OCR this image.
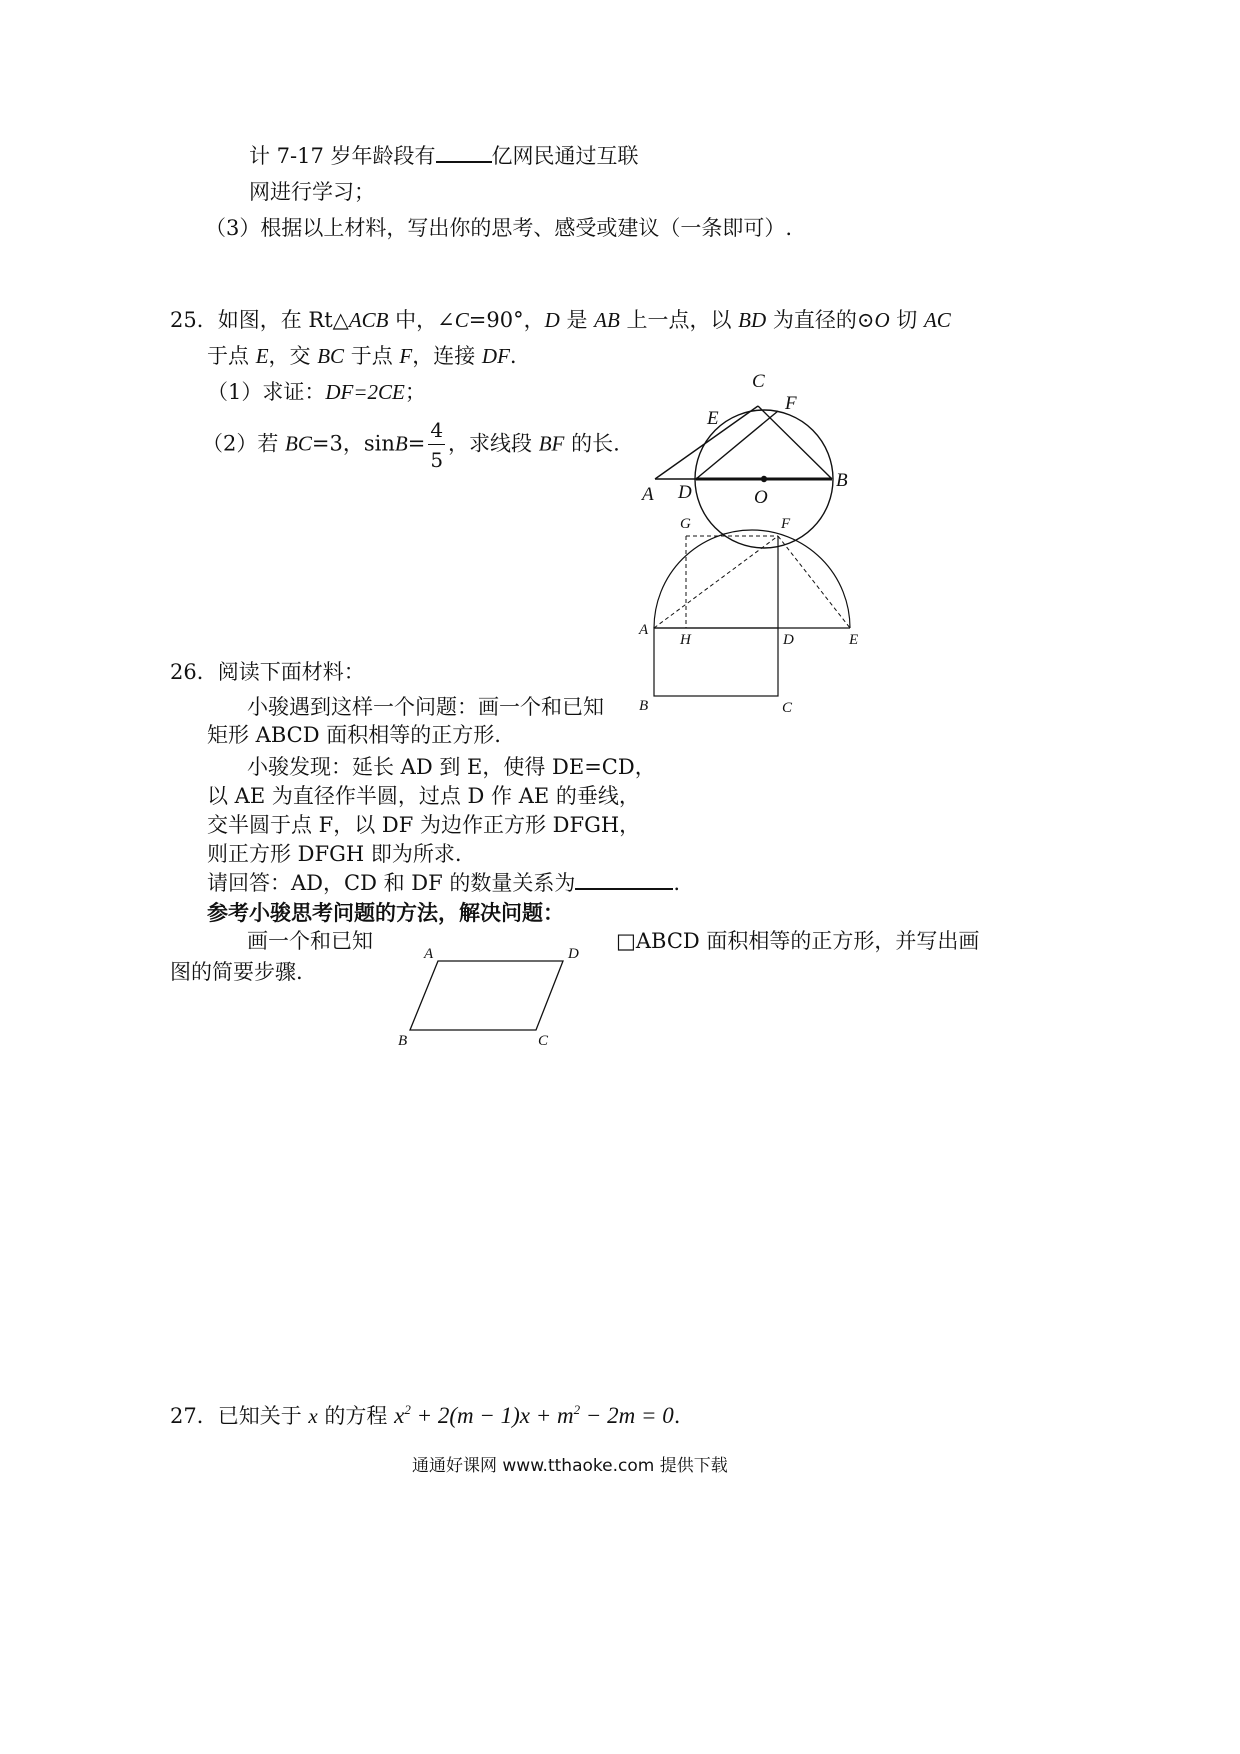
计 7-17 岁年龄段有	亿网民通过互联
网进行学习；
（3）根据以上材料，写出你的思考、感受或建议（一条即可）.
25．如图，在 Rt△ACB 中，∠C=90°，D 是 AB 上一点，以 BD 为直径的⊙O 切 AC
于点 E，交 BC 于点 F，连接 DF.
（1）求证：DF=2CE；
（2）若 BC=3，$\sin B= \frac{4}{5}$ ，求线段 BF 的长.
A D	O
B
C
E
F
G	F
A
H	D	E
B	C
26．阅读下面材料：
小骏遇到这样一个问题：画一个和已知
矩形 ABCD 面积相等的正方形.
小骏发现：延长 AD 到 E，使得 DE=CD，
以 AE 为直径作半圆，过点 D 作 AE 的垂线，
交半圆于点 F，以 DF 为边作正方形 DFGH，
则正方形 DFGH 即为所求.
请回答：AD，CD 和 DF 的数量关系为	.
参考小骏思考问题的方法，解决问题：
画一个和已知	□ABCD 面积相等的正方形，并写出画
图的简要步骤.
A	D
B	C
27．已知关于 x 的方程 $x^2 + 2(m - 1)x + m^2 - 2m = 0$.
通通好课网 www.tthaoke.com 提供下载
